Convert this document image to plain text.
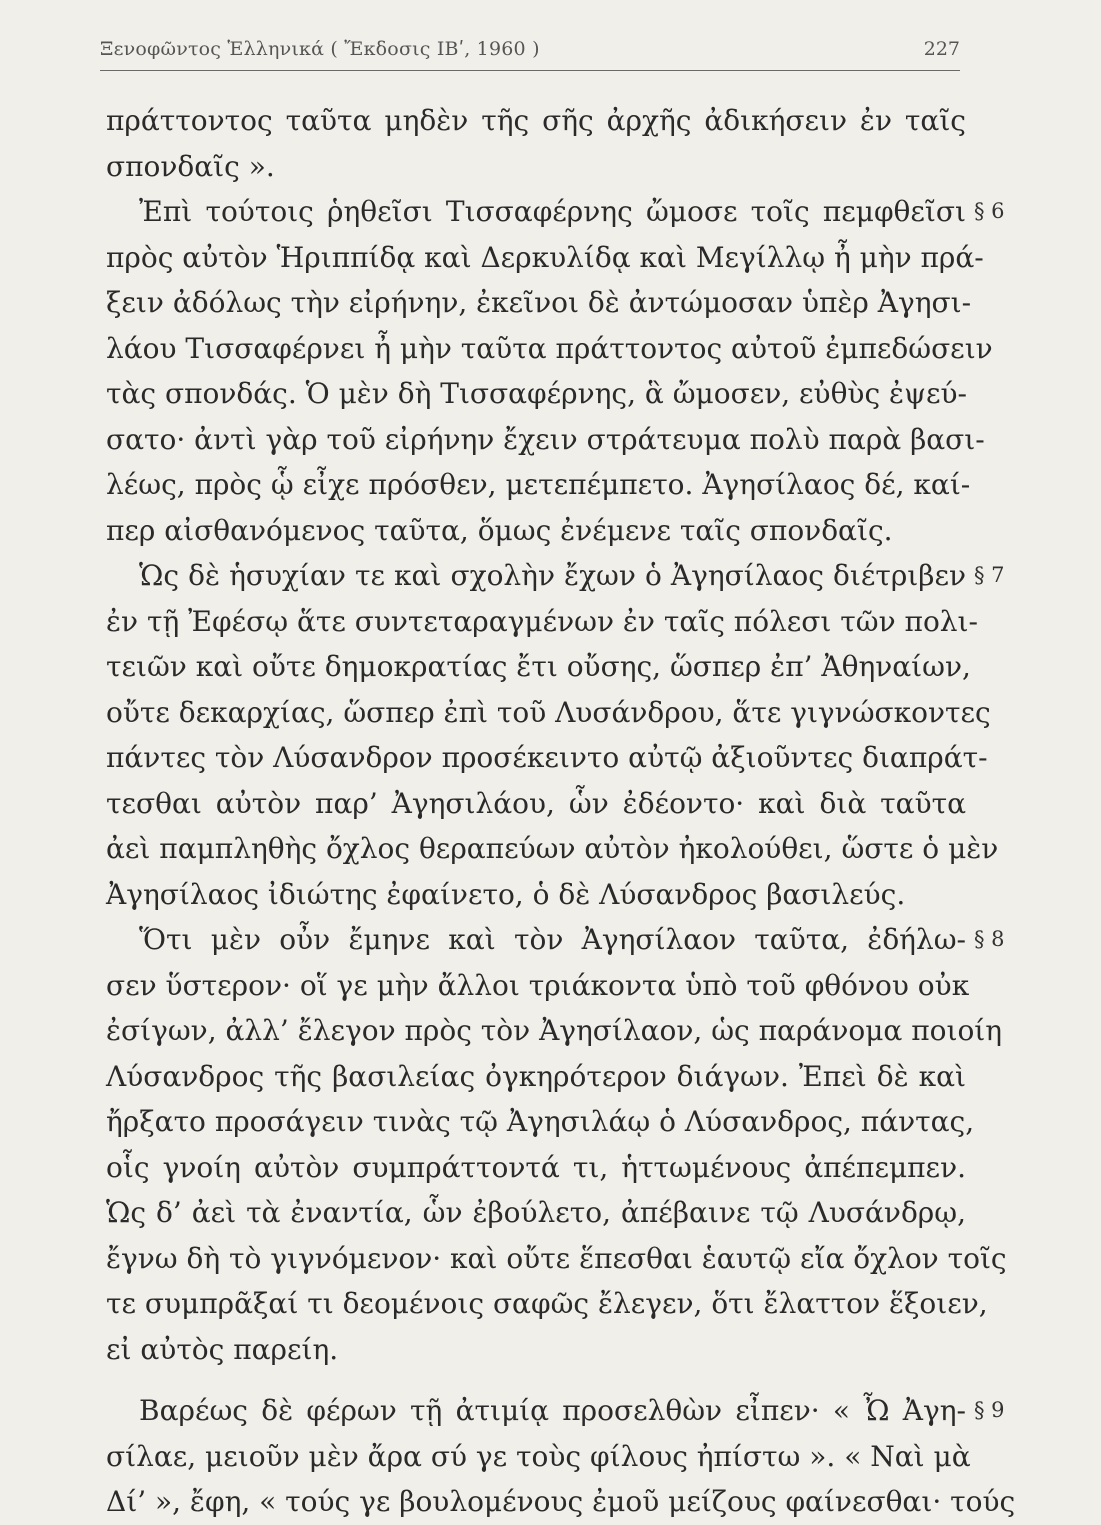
Ξενοφῶντος Ἑλληνικά ( Ἔκδοσις ΙΒʹ, 1960 )	227
πράττοντος ταῦτα μηδὲν τῆς σῆς ἀρχῆς ἀδικήσειν ἐν ταῖς
σπονδαῖς ».
Ἐπὶ τούτοις ῥηθεῖσι Τισσαφέρνης ὤμοσε τοῖς πεμφθεῖσι § 6
πρὸς αὐτὸν Ἡριππίδᾳ καὶ Δερκυλίδᾳ καὶ Μεγίλλῳ ἦ μὴν πρά-
ξειν ἀδόλως τὴν εἰρήνην, ἐκεῖνοι δὲ ἀντώμοσαν ὑπὲρ Ἀγησι-
λάου Τισσαφέρνει ἦ μὴν ταῦτα πράττοντος αὐτοῦ ἐμπεδώσειν
τὰς σπονδάς. Ὁ μὲν δὴ Τισσαφέρνης, ἃ ὤμοσεν, εὐθὺς ἐψεύ-
σατο· ἀντὶ γὰρ τοῦ εἰρήνην ἔχειν στράτευμα πολὺ παρὰ βασι-
λέως, πρὸς ᾧ εἶχε πρόσθεν, μετεπέμπετο. Ἀγησίλαος δέ, καί-
περ αἰσθανόμενος ταῦτα, ὅμως ἐνέμενε ταῖς σπονδαῖς.
Ὡς δὲ ἡσυχίαν τε καὶ σχολὴν ἔχων ὁ Ἀγησίλαος διέτριβεν § 7
ἐν τῇ Ἐφέσῳ ἅτε συντεταραγμένων ἐν ταῖς πόλεσι τῶν πολι-
τειῶν καὶ οὔτε δημοκρατίας ἔτι οὔσης, ὥσπερ ἐπ’ Ἀθηναίων,
οὔτε δεκαρχίας, ὥσπερ ἐπὶ τοῦ Λυσάνδρου, ἅτε γιγνώσκοντες
πάντες τὸν Λύσανδρον προσέκειντο αὐτῷ ἀξιοῦντες διαπράτ-
τεσθαι αὐτὸν παρ’ Ἀγησιλάου, ὧν ἐδέοντο· καὶ διὰ ταῦτα
ἀεὶ παμπληθὴς ὄχλος θεραπεύων αὐτὸν ἠκολούθει, ὥστε ὁ μὲν
Ἀγησίλαος ἰδιώτης ἐφαίνετο, ὁ δὲ Λύσανδρος βασιλεύς.
Ὅτι μὲν οὖν ἔμηνε καὶ τὸν Ἀγησίλαον ταῦτα, ἐδήλω- § 8
σεν ὕστερον· οἵ γε μὴν ἄλλοι τριάκοντα ὑπὸ τοῦ φθόνου οὐκ
ἐσίγων, ἀλλ’ ἔλεγον πρὸς τὸν Ἀγησίλαον, ὡς παράνομα ποιοίη
Λύσανδρος τῆς βασιλείας ὀγκηρότερον διάγων. Ἐπεὶ δὲ καὶ
ἤρξατο προσάγειν τινὰς τῷ Ἀγησιλάῳ ὁ Λύσανδρος, πάντας,
οἷς γνοίη αὐτὸν συμπράττοντά τι, ἡττωμένους ἀπέπεμπεν.
Ὡς δ’ ἀεὶ τὰ ἐναντία, ὧν ἐβούλετο, ἀπέβαινε τῷ Λυσάνδρῳ,
ἔγνω δὴ τὸ γιγνόμενον· καὶ οὔτε ἕπεσθαι ἑαυτῷ εἴα ὄχλον τοῖς
τε συμπρᾶξαί τι δεομένοις σαφῶς ἔλεγεν, ὅτι ἔλαττον ἕξοιεν,
εἰ αὐτὸς παρείη.
Βαρέως δὲ φέρων τῇ ἀτιμίᾳ προσελθὼν εἶπεν· « Ὦ Ἀγη- § 9
σίλαε, μειοῦν μὲν ἄρα σύ γε τοὺς φίλους ἠπίστω ». « Ναὶ μὰ
Δί’ », ἔφη, « τούς γε βουλομένους ἐμοῦ μείζους φαίνεσθαι· τούς
